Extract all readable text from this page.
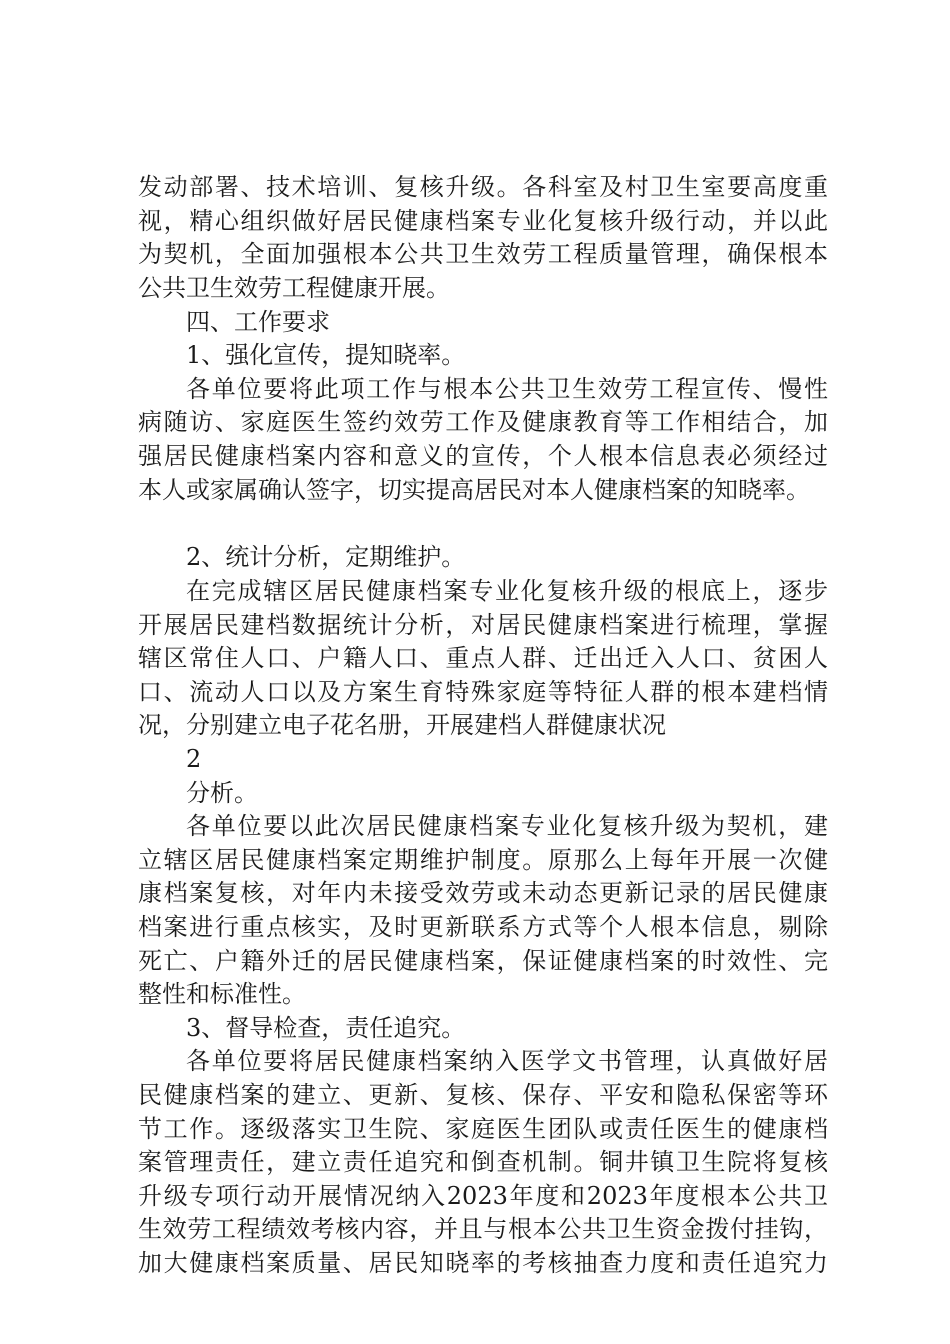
发动部署、技术培训、复核升级。各科室及村卫生室要高度重
视，精心组织做好居民健康档案专业化复核升级行动，并以此
为契机，全面加强根本公共卫生效劳工程质量管理，确保根本
公共卫生效劳工程健康开展。
四、工作要求
1、强化宣传，提知晓率。
各单位要将此项工作与根本公共卫生效劳工程宣传、慢性
病随访、家庭医生签约效劳工作及健康教育等工作相结合，加
强居民健康档案内容和意义的宣传，个人根本信息表必须经过
本人或家属确认签字，切实提高居民对本人健康档案的知晓率。
2、统计分析，定期维护。
在完成辖区居民健康档案专业化复核升级的根底上，逐步
开展居民建档数据统计分析，对居民健康档案进行梳理，掌握
辖区常住人口、户籍人口、重点人群、迁出迁入人口、贫困人
口、流动人口以及方案生育特殊家庭等特征人群的根本建档情
况，分别建立电子花名册，开展建档人群健康状况
2
分析。
各单位要以此次居民健康档案专业化复核升级为契机，建
立辖区居民健康档案定期维护制度。原那么上每年开展一次健
康档案复核，对年内未接受效劳或未动态更新记录的居民健康
档案进行重点核实，及时更新联系方式等个人根本信息，剔除
死亡、户籍外迁的居民健康档案，保证健康档案的时效性、完
整性和标准性。
3、督导检查，责任追究。
各单位要将居民健康档案纳入医学文书管理，认真做好居
民健康档案的建立、更新、复核、保存、平安和隐私保密等环
节工作。逐级落实卫生院、家庭医生团队或责任医生的健康档
案管理责任，建立责任追究和倒查机制。铜井镇卫生院将复核
升级专项行动开展情况纳入2023年度和2023年度根本公共卫
生效劳工程绩效考核内容，并且与根本公共卫生资金拨付挂钩，
加大健康档案质量、居民知晓率的考核抽查力度和责任追究力
